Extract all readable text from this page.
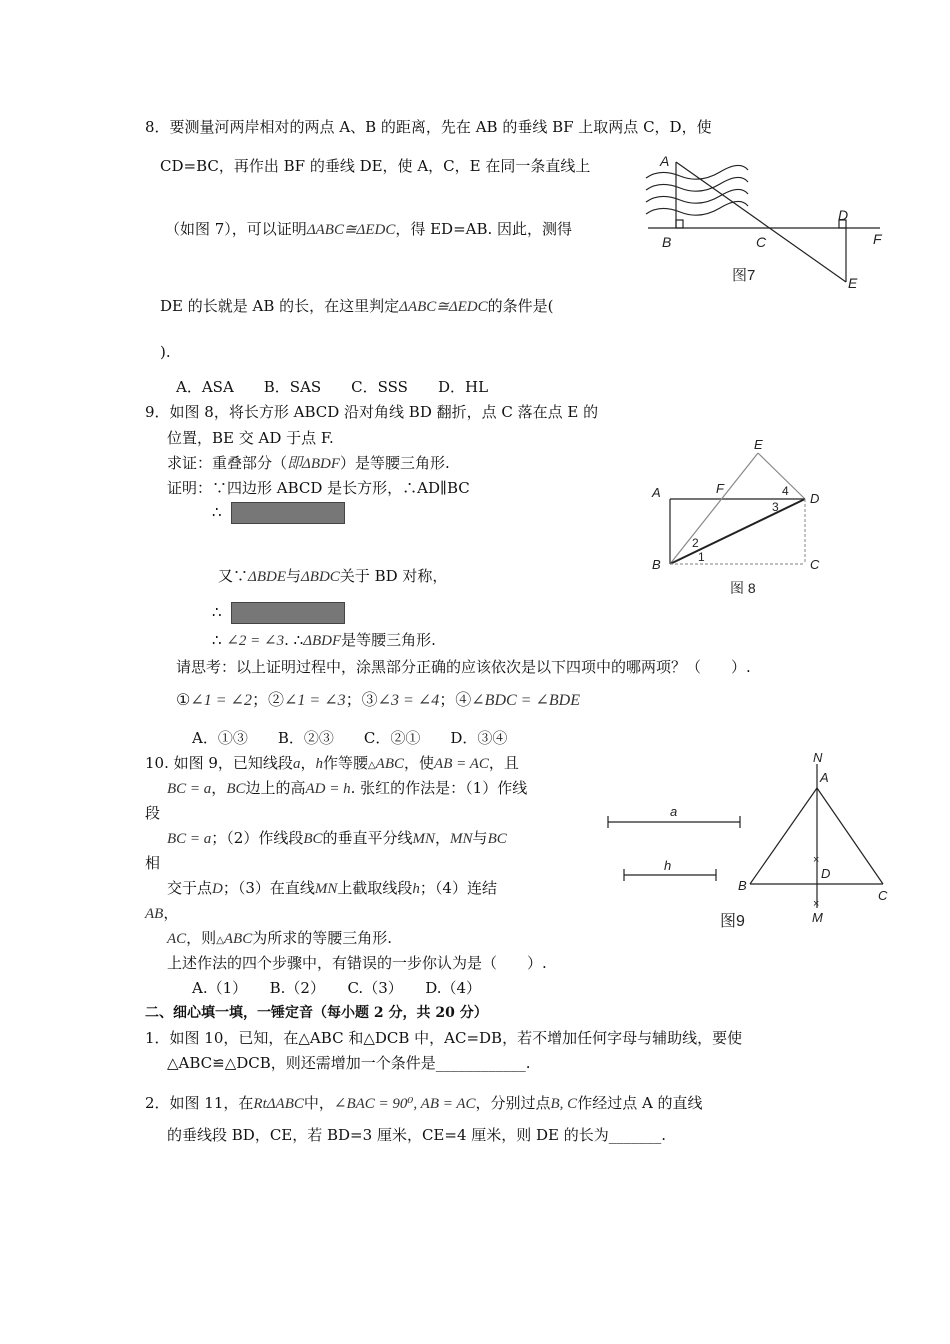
8．要测量河两岸相对的两点 A、B 的距离，先在 AB 的垂线 BF 上取两点 C，D，使
CD=BC，再作出 BF 的垂线 DE，使 A，C，E 在同一条直线上
（如图 7），可以证明ΔABC≅ΔEDC，得 ED=AB. 因此，测得
DE 的长就是 AB 的长，在这里判定ΔABC≅ΔEDC的条件是(
).
A．ASA　　B．SAS　　C．SSS　　D．HL
A
B	C
D
E
F
图7
9．如图 8，将长方形 ABCD 沿对角线 BD 翻折，点 C 落在点 E 的
位置，BE 交 AD 于点 F.
求证：重叠部分（即ΔBDF）是等腰三角形.
证明：∵四边形 ABCD 是长方形，∴AD∥BC
∴
又∵ΔBDE与ΔBDC关于 BD 对称，
∴
∴ ∠2 = ∠3. ∴ΔBDF是等腰三角形.
请思考：以上证明过程中，涂黑部分正确的应该依次是以下四项中的哪两项？（　　）.
①∠1 = ∠2；②∠1 = ∠3；③∠3 = ∠4；④∠BDC = ∠BDE
A．①③　　B．②③　　C．②①　　D．③④
E
A	F	4 D
3
2
1
B	C
图 8
10. 如图 9，已知线段a，h作等腰△ABC，使AB = AC，且
BC = a，BC边上的高AD = h. 张红的作法是：（1）作线
段
BC = a；（2）作线段BC的垂直平分线MN，MN与BC
相
交于点D；（3）在直线MN上截取线段h；（4）连结
AB，
AC，则△ABC为所求的等腰三角形.
上述作法的四个步骤中，有错误的一步你认为是（　　）.
A.（1）　　B.（2）　　C.（3）　　D.（4）
N
A
a
h
D
B
C
M
×
×
图9
二、细心填一填，一锤定音（每小题 2 分，共 20 分）
1．如图 10，已知，在△ABC 和△DCB 中，AC=DB，若不增加任何字母与辅助线，要使
△ABC≌△DCB，则还需增加一个条件是____________.
2．如图 11，在RtΔABC中，∠BAC = 90⁰, AB = AC，分别过点B, C作经过点 A 的直线
的垂线段 BD，CE，若 BD=3 厘米，CE=4 厘米，则 DE 的长为_______.
